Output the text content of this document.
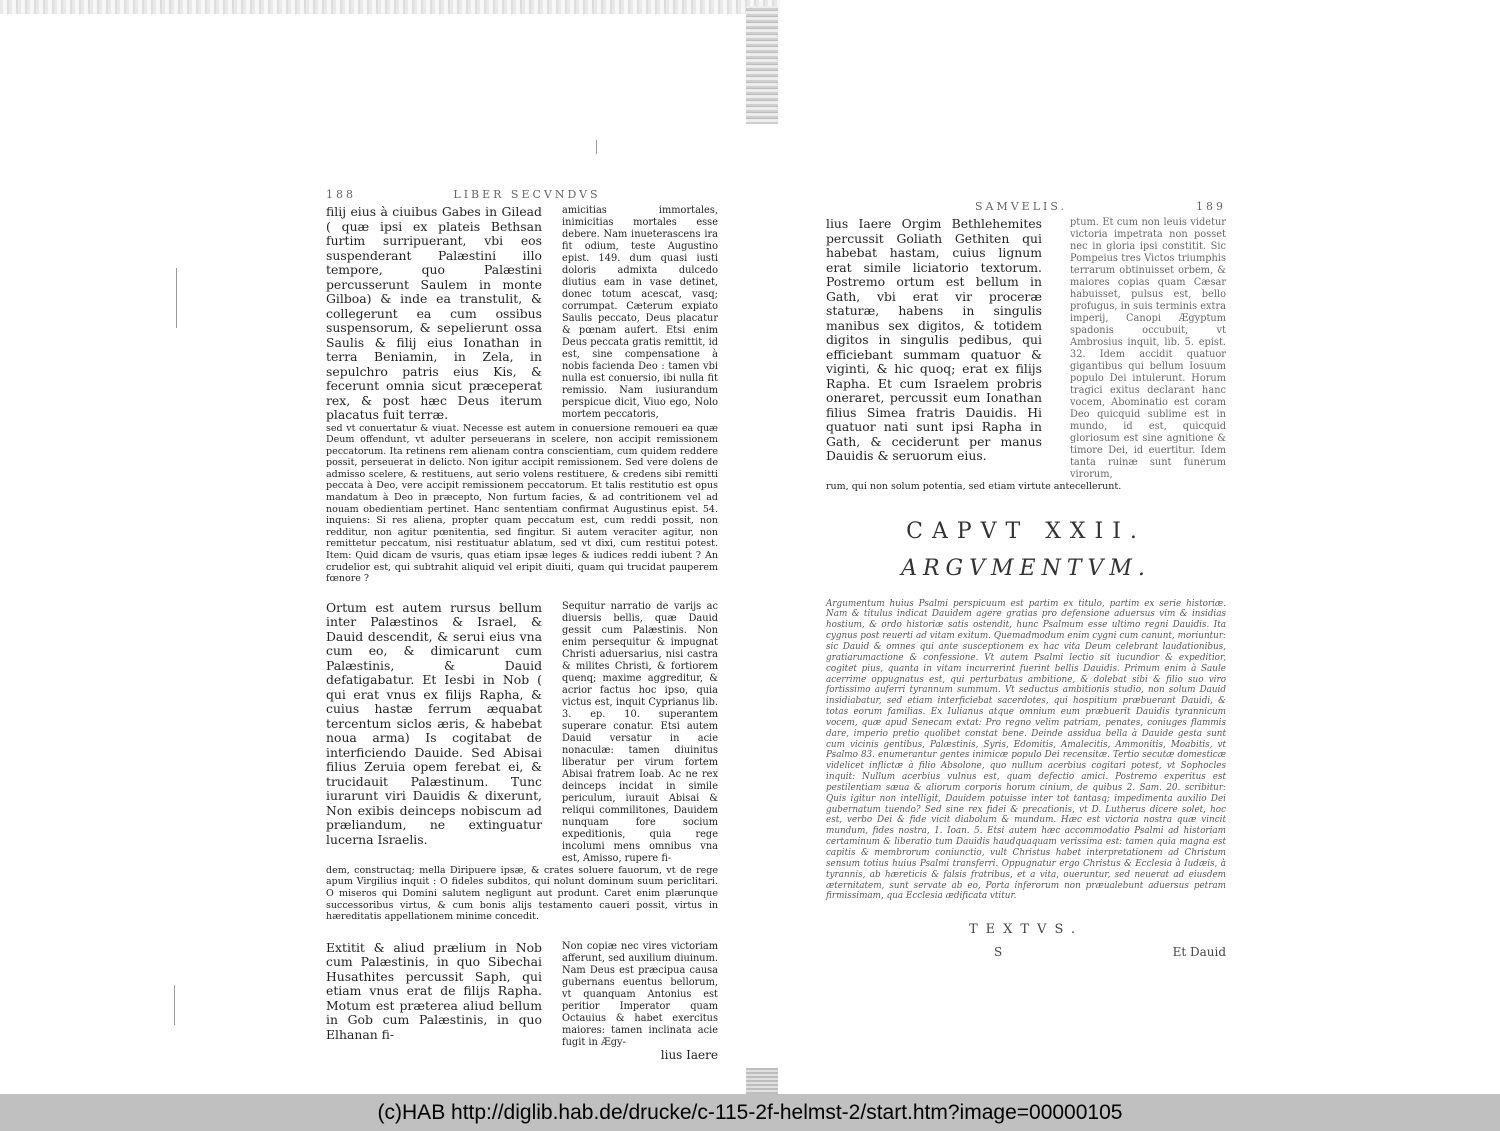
188	LIBER SECVNDVS
filij eius à ciuibus Gabes in Gilead ( quæ ipsi ex plateis Bethsan furtim surripuerant, vbi eos suspenderant Palæstini illo tempore, quo Palæstini percusserunt Saulem in monte Gilboa) & inde ea transtulit, & collegerunt ea cum ossibus suspensorum, & sepelierunt ossa Saulis & filij eius Ionathan in terra Beniamin, in Zela, in sepulchro patris eius Kis, & fecerunt omnia sicut præceperat rex, & post hæc Deus iterum placatus fuit terræ.
amicitias immortales, inimicitias mortales esse debere. Nam inueterascens ira fit odium, teste Augustino epist. 149. dum quasi iusti doloris admixta dulcedo diutius eam in vase detinet, donec totum acescat, vasq; corrumpat. Cæterum expiato Saulis peccato, Deus placatur & pœnam aufert. Etsi enim Deus peccata gratis remittit, id est, sine compensatione à nobis facienda Deo : tamen vbi nulla est conuersio, ibi nulla fit remissio. Nam iusiurandum perspicue dicit, Viuo ego, Nolo mortem peccatoris,
sed vt conuertatur & viuat. Necesse est autem in conuersione remoueri ea quæ Deum offendunt, vt adulter perseuerans in scelere, non accipit remissionem peccatorum. Ita retinens rem alienam contra conscientiam, cum quidem reddere possit, perseuerat in delicto. Non igitur accipit remissionem. Sed vere dolens de admisso scelere, & restituens, aut serio volens restituere, & credens sibi remitti peccata à Deo, vere accipit remissionem peccatorum. Et talis restitutio est opus mandatum à Deo in præcepto, Non furtum facies, & ad contritionem vel ad nouam obedientiam pertinet. Hanc sententiam confirmat Augustinus epist. 54. inquiens: Si res aliena, propter quam peccatum est, cum reddi possit, non redditur, non agitur pœnitentia, sed fingitur. Si autem veraciter agitur, non remittetur peccatum, nisi restituatur ablatum, sed vt dixi, cum restitui potest. Item: Quid dicam de vsuris, quas etiam ipsæ leges & iudices reddi iubent ? An crudelior est, qui subtrahit aliquid vel eripit diuiti, quam qui trucidat pauperem fœnore ?
Ortum est autem rursus bellum inter Palæstinos & Israel, & Dauid descendit, & serui eius vna cum eo, & dimicarunt cum Palæstinis, & Dauid defatigabatur. Et Iesbi in Nob ( qui erat vnus ex filijs Rapha, & cuius hastæ ferrum æquabat tercentum siclos æris, & habebat noua arma) Is cogitabat de interficiendo Dauide. Sed Abisai filius Zeruia opem ferebat ei, & trucidauit Palæstinum. Tunc iurarunt viri Dauidis & dixerunt, Non exibis deinceps nobiscum ad præliandum, ne extinguatur lucerna Israelis.
Sequitur narratio de varijs ac diuersis bellis, quæ Dauid gessit cum Palæstinis. Non enim persequitur & impugnat Christi aduersarius, nisi castra & milites Christi, & fortiorem quenq; maxime aggreditur, & acrior factus hoc ipso, quia victus est, inquit Cyprianus lib. 3. ep. 10. superantem superare conatur. Etsi autem Dauid versatur in acie nonaculæ: tamen diuinitus liberatur per virum fortem Abisai fratrem Ioab. Ac ne rex deinceps incidat in simile periculum, iurauit Abisai & reliqui commilitones, Dauidem nunquam fore socium expeditionis, quia rege incolumi mens omnibus vna est, Amisso, rupere fi-
dem, constructaq; mella Diripuere ipsæ, & crates soluere fauorum, vt de rege apum Virgilius inquit : O fideles subditos, qui nolunt dominum suum periclitari. O miseros qui Domini salutem negligunt aut produnt. Caret enim plærunque successoribus virtus, & cum bonis alijs testamento caueri possit, virtus in hæreditatis appellationem minime concedit.
Extitit & aliud prælium in Nob cum Palæstinis, in quo Sibechai Husathites percussit Saph, qui etiam vnus erat de filijs Rapha. Motum est præterea aliud bellum in Gob cum Palæstinis, in quo Elhanan fi-
Non copiæ nec vires victoriam afferunt, sed auxilium diuinum. Nam Deus est præcipua causa gubernans euentus bellorum, vt quanquam Antonius est peritior Imperator quam Octauius & habet exercitus maiores: tamen inclinata acie fugit in Ægy-
lius Iaere
SAMVELIS.	189
lius Iaere Orgim Bethlehemites percussit Goliath Gethiten qui habebat hastam, cuius lignum erat simile liciatorio textorum. Postremo ortum est bellum in Gath, vbi erat vir proceræ staturæ, habens in singulis manibus sex digitos, & totidem digitos in singulis pedibus, qui efficiebant summam quatuor & viginti, & hic quoq; erat ex filijs Rapha. Et cum Israelem probris oneraret, percussit eum Ionathan filius Simea fratris Dauidis. Hi quatuor nati sunt ipsi Rapha in Gath, & ceciderunt per manus Dauidis & seruorum eius.
ptum. Et cum non leuis videtur victoria impetrata non posset nec in gloria ipsi constitit. Sic Pompeius tres Victos triumphis terrarum obtinuisset orbem, & maiores copias quam Cæsar habuisset, pulsus est, bello profugus, in suis terminis extra imperij, Canopi Ægyptum spadonis occubuit, vt Ambrosius inquit, lib. 5. epist. 32. Idem accidit quatuor gigantibus qui bellum Iosuum populo Dei intulerunt. Horum tragici exitus declarant hanc vocem, Abominatio est coram Deo quicquid sublime est in mundo, id est, quicquid gloriosum est sine agnitione & timore Dei, id euertitur. Idem tanta ruinæ sunt funerum virorum,
rum, qui non solum potentia, sed etiam virtute antecellerunt.
CAPVT XXII.
ARGVMENTVM.
Argumentum huius Psalmi perspicuum est partim ex titulo, partim ex serie historiæ. Nam & titulus indicat Dauidem agere gratias pro defensione aduersus vim & insidias hostium, & ordo historiæ satis ostendit, hunc Psalmum esse ultimo regni Dauidis. Ita cygnus post reuerti ad vitam exitum. Quemadmodum enim cygni cum canunt, moriuntur: sic Dauid & omnes qui ante susceptionem ex hac vita Deum celebrant laudationibus, gratiarumactione & confessione. Vt autem Psalmi lectio sit iucundior & expeditior, cogitet pius, quanta in vitam incurrerint fuerint bellis Dauidis. Primum enim à Saule acerrime oppugnatus est, qui perturbatus ambitione, & dolebat sibi & filio suo viro fortissimo auferri tyrannum summum. Vt seductus ambitionis studio, non solum Dauid insidiabatur, sed etiam interficiebat sacerdotes, qui hospitium præbuerant Dauidi, & totas eorum familias. Ex Iulianus atque omnium eum præbuerit Dauidis tyrannicum vocem, quæ apud Senecam extat: Pro regno velim patriam, penates, coniuges flammis dare, imperio pretio quolibet constat bene. Deinde assidua bella à Dauide gesta sunt cum vicinis gentibus, Palæstinis, Syris, Edomitis, Amalecitis, Ammonitis, Moabitis, vt Psalmo 83. enumerantur gentes inimicæ populo Dei recensitæ. Tertio secutæ domesticæ videlicet inflictæ à filio Absolone, quo nullum acerbius cogitari potest, vt Sophocles inquit: Nullum acerbius vulnus est, quam defectio amici. Postremo experitus est pestilentiam sæua & aliorum corporis horum cinium, de quibus 2. Sam. 20. scribitur: Quis igitur non intelligit, Dauidem potuisse inter tot tantasq; impedimenta auxilio Dei gubernatum tuendo? Sed sine rex fidei & precationis, vt D. Lutherus dicere solet, hoc est, verbo Dei & fide vicit diabolum & mundum. Hæc est victoria nostra quæ vincit mundum, fides nostra, 1. Ioan. 5. Etsi autem hæc accommodatio Psalmi ad historiam certaminum & liberatio tum Dauidis haudquaquam verissima est: tamen quia magna est capitis & membrorum coniunctio, vult Christus habet interpretationem ad Christum sensum totius huius Psalmi transferri. Oppugnatur ergo Christus & Ecclesia à Iudæis, à tyrannis, ab hæreticis & falsis fratribus, et a vita, oueruntur, sed neuerat ad eiusdem æternitatem, sunt servate ab eo, Porta inferorum non præualebunt aduersus petram firmissimam, qua Ecclesia ædificata vtitur.
TEXTVS.
S	Et Dauid
(c)HAB http://diglib.hab.de/drucke/c-115-2f-helmst-2/start.htm?image=00000105
